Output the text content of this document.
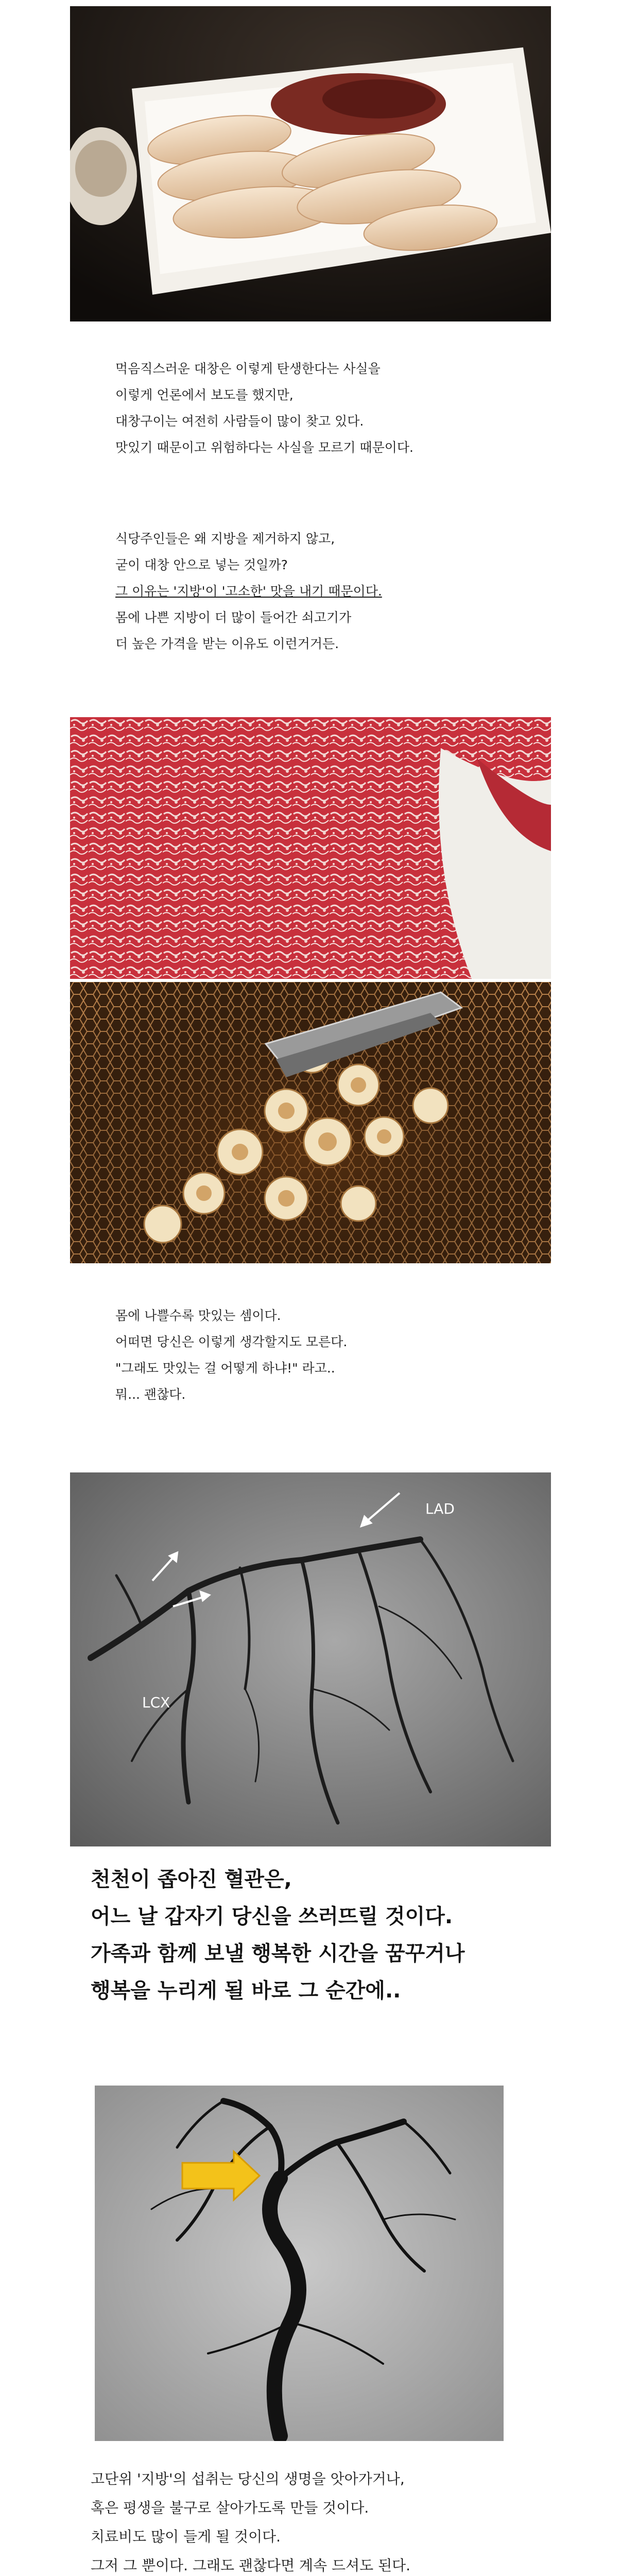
먹음직스러운 대창은 이렇게 탄생한다는 사실을

이렇게 언론에서 보도를 했지만,

대창구이는 여전히 사람들이 많이 찾고 있다.

맛있기 때문이고 위험하다는 사실을 모르기 때문이다.

식당주인들은 왜 지방을 제거하지 않고,

굳이 대창 안으로 넣는 것일까?

그 이유는 '지방'이 '고소한' 맛을 내기 때문이다.

몸에 나쁜 지방이 더 많이 들어간 쇠고기가

더 높은 가격을 받는 이유도 이런거거든.

몸에 나쁠수록 맛있는 셈이다.

어떠면 당신은 이렇게 생각할지도 모른다.

"그래도 맛있는 걸 어떻게 하냐!" 라고..

뭐... 괜찮다.

LAD
LCX

천천이 좁아진 혈관은,

어느 날 갑자기 당신을 쓰러뜨릴 것이다.

가족과 함께 보낼 행복한 시간을 꿈꾸거나

행복을 누리게 될 바로 그 순간에..

고단위 '지방'의 섭취는 당신의 생명을 앗아가거나,

혹은 평생을 불구로 살아가도록 만들 것이다.

치료비도 많이 들게 될 것이다.

그저 그 뿐이다. 그래도 괜찮다면 계속 드셔도 된다.
